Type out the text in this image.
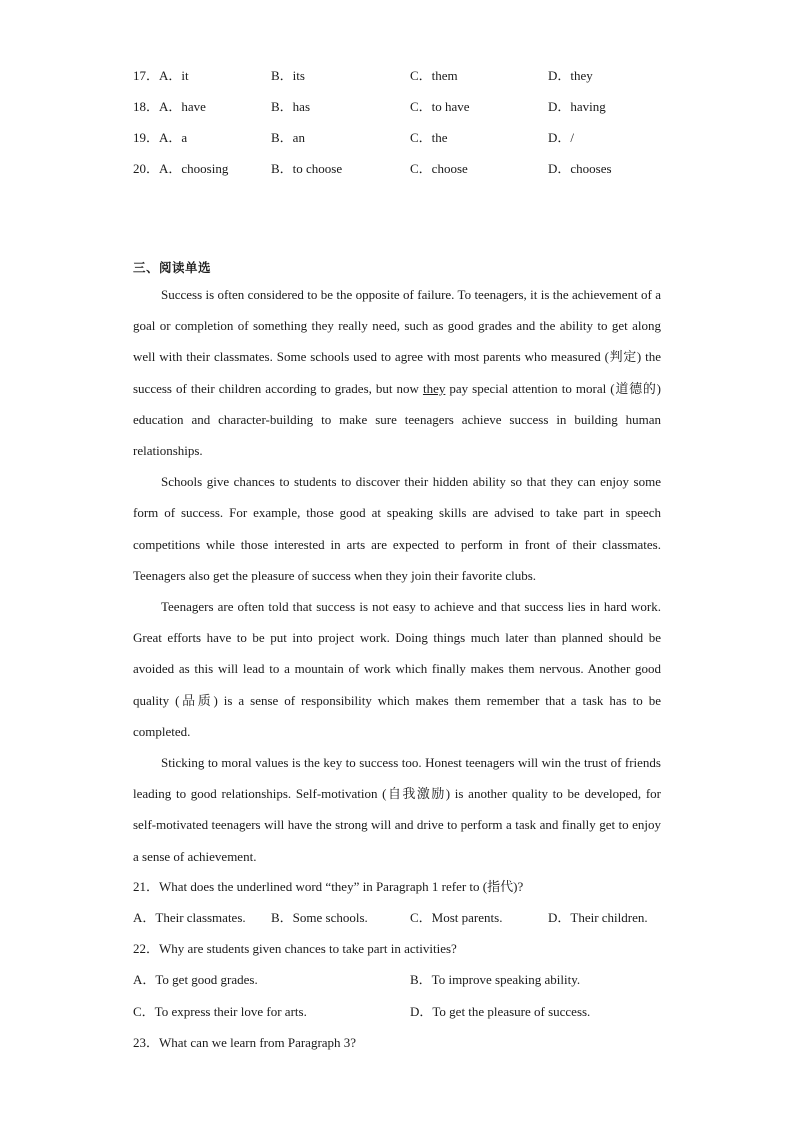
17．A．it	B．its	C．them	D．they
18．A．have	B．has	C．to have	D．having
19．A．a	B．an	C．the	D．/
20．A．choosing	B．to choose	C．choose	D．chooses
三、阅读单选

Success is often considered to be the opposite of failure. To teenagers, it is the achievement of a goal or completion of something they really need, such as good grades and the ability to get along well with their classmates. Some schools used to agree with most parents who measured (判定) the success of their children according to grades, but now they pay special attention to moral (道德的) education and character-building to make sure teenagers achieve success in building human relationships.

Schools give chances to students to discover their hidden ability so that they can enjoy some form of success. For example, those good at speaking skills are advised to take part in speech competitions while those interested in arts are expected to perform in front of their classmates. Teenagers also get the pleasure of success when they join their favorite clubs.

Teenagers are often told that success is not easy to achieve and that success lies in hard work. Great efforts have to be put into project work. Doing things much later than planned should be avoided as this will lead to a mountain of work which finally makes them nervous. Another good quality (品质) is a sense of responsibility which makes them remember that a task has to be completed.

Sticking to moral values is the key to success too. Honest teenagers will win the trust of friends leading to good relationships. Self-motivation (自我激励) is another quality to be developed, for self-motivated teenagers will have the strong will and drive to perform a task and finally get to enjoy a sense of achievement.

21．What does the underlined word “they” in Paragraph 1 refer to (指代)?
A．Their classmates. B．Some schools.	C．Most parents.	D．Their children.
22．Why are students given chances to take part in activities?
A．To get good grades.	B．To improve speaking ability.
C．To express their love for arts.	D．To get the pleasure of success.
23．What can we learn from Paragraph 3?
